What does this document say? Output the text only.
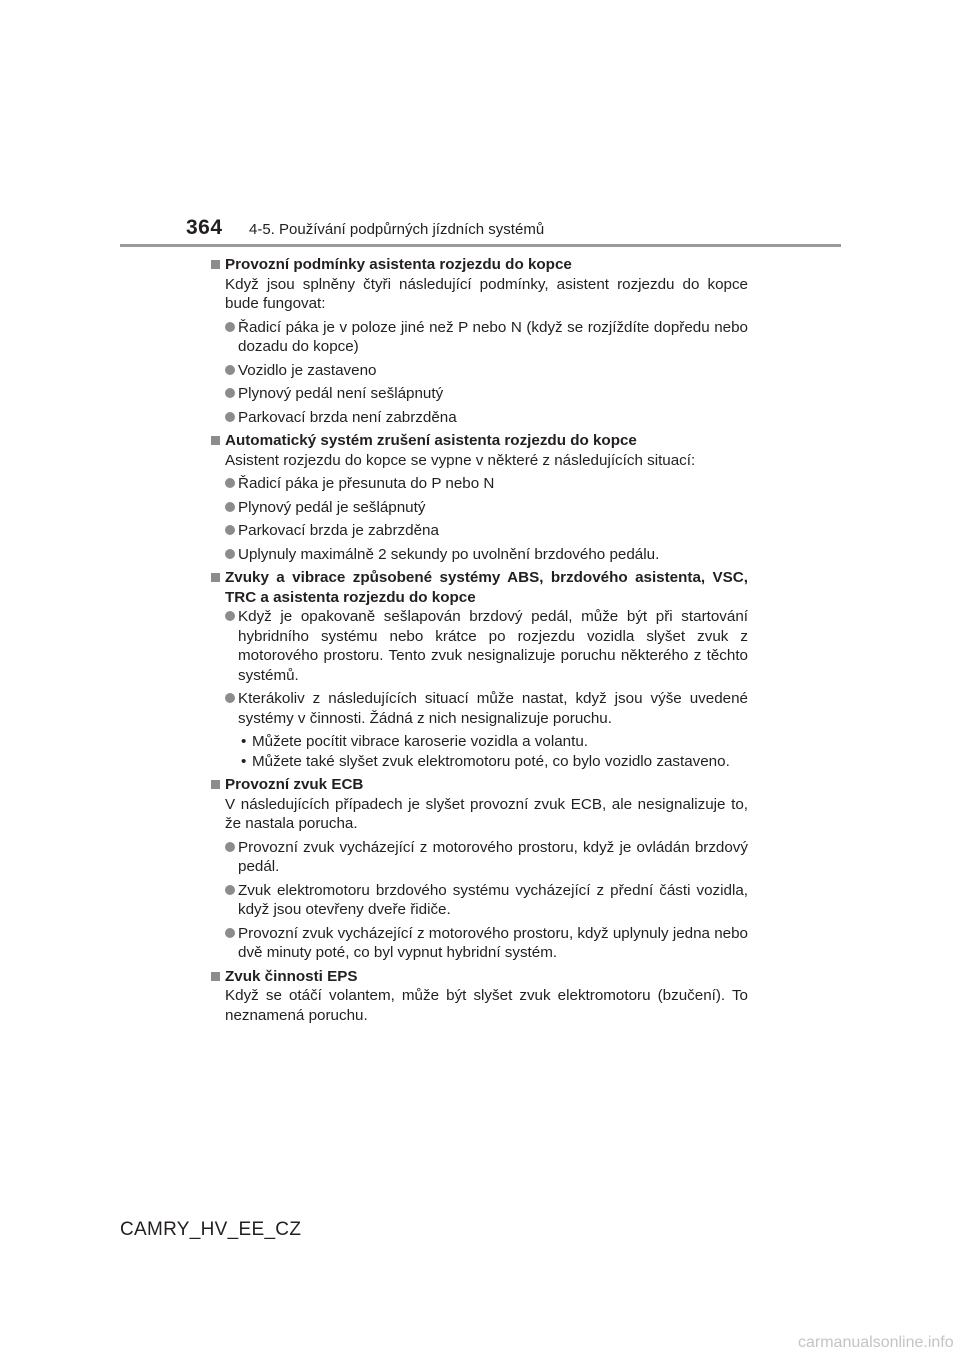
364 4-5. Používání podpůrných jízdních systémů
Provozní podmínky asistenta rozjezdu do kopce
Když jsou splněny čtyři následující podmínky, asistent rozjezdu do kopce bude fungovat:
Řadicí páka je v poloze jiné než P nebo N (když se rozjíždíte dopředu nebo dozadu do kopce)
Vozidlo je zastaveno
Plynový pedál není sešlápnutý
Parkovací brzda není zabrzděna
Automatický systém zrušení asistenta rozjezdu do kopce
Asistent rozjezdu do kopce se vypne v některé z následujících situací:
Řadicí páka je přesunuta do P nebo N
Plynový pedál je sešlápnutý
Parkovací brzda je zabrzděna
Uplynuly maximálně 2 sekundy po uvolnění brzdového pedálu.
Zvuky a vibrace způsobené systémy ABS, brzdového asistenta, VSC, TRC a asistenta rozjezdu do kopce
Když je opakovaně sešlapován brzdový pedál, může být při startování hybridního systému nebo krátce po rozjezdu vozidla slyšet zvuk z motorového prostoru. Tento zvuk nesignalizuje poruchu některého z těchto systémů.
Kterákoliv z následujících situací může nastat, když jsou výše uvedené systémy v činnosti. Žádná z nich nesignalizuje poruchu.
• Můžete pocítit vibrace karoserie vozidla a volantu.
• Můžete také slyšet zvuk elektromotoru poté, co bylo vozidlo zastaveno.
Provozní zvuk ECB
V následujících případech je slyšet provozní zvuk ECB, ale nesignalizuje to, že nastala porucha.
Provozní zvuk vycházející z motorového prostoru, když je ovládán brzdový pedál.
Zvuk elektromotoru brzdového systému vycházející z přední části vozidla, když jsou otevřeny dveře řidiče.
Provozní zvuk vycházející z motorového prostoru, když uplynuly jedna nebo dvě minuty poté, co byl vypnut hybridní systém.
Zvuk činnosti EPS
Když se otáčí volantem, může být slyšet zvuk elektromotoru (bzučení). To neznamená poruchu.
CAMRY_HV_EE_CZ
carmanualsonline.info
